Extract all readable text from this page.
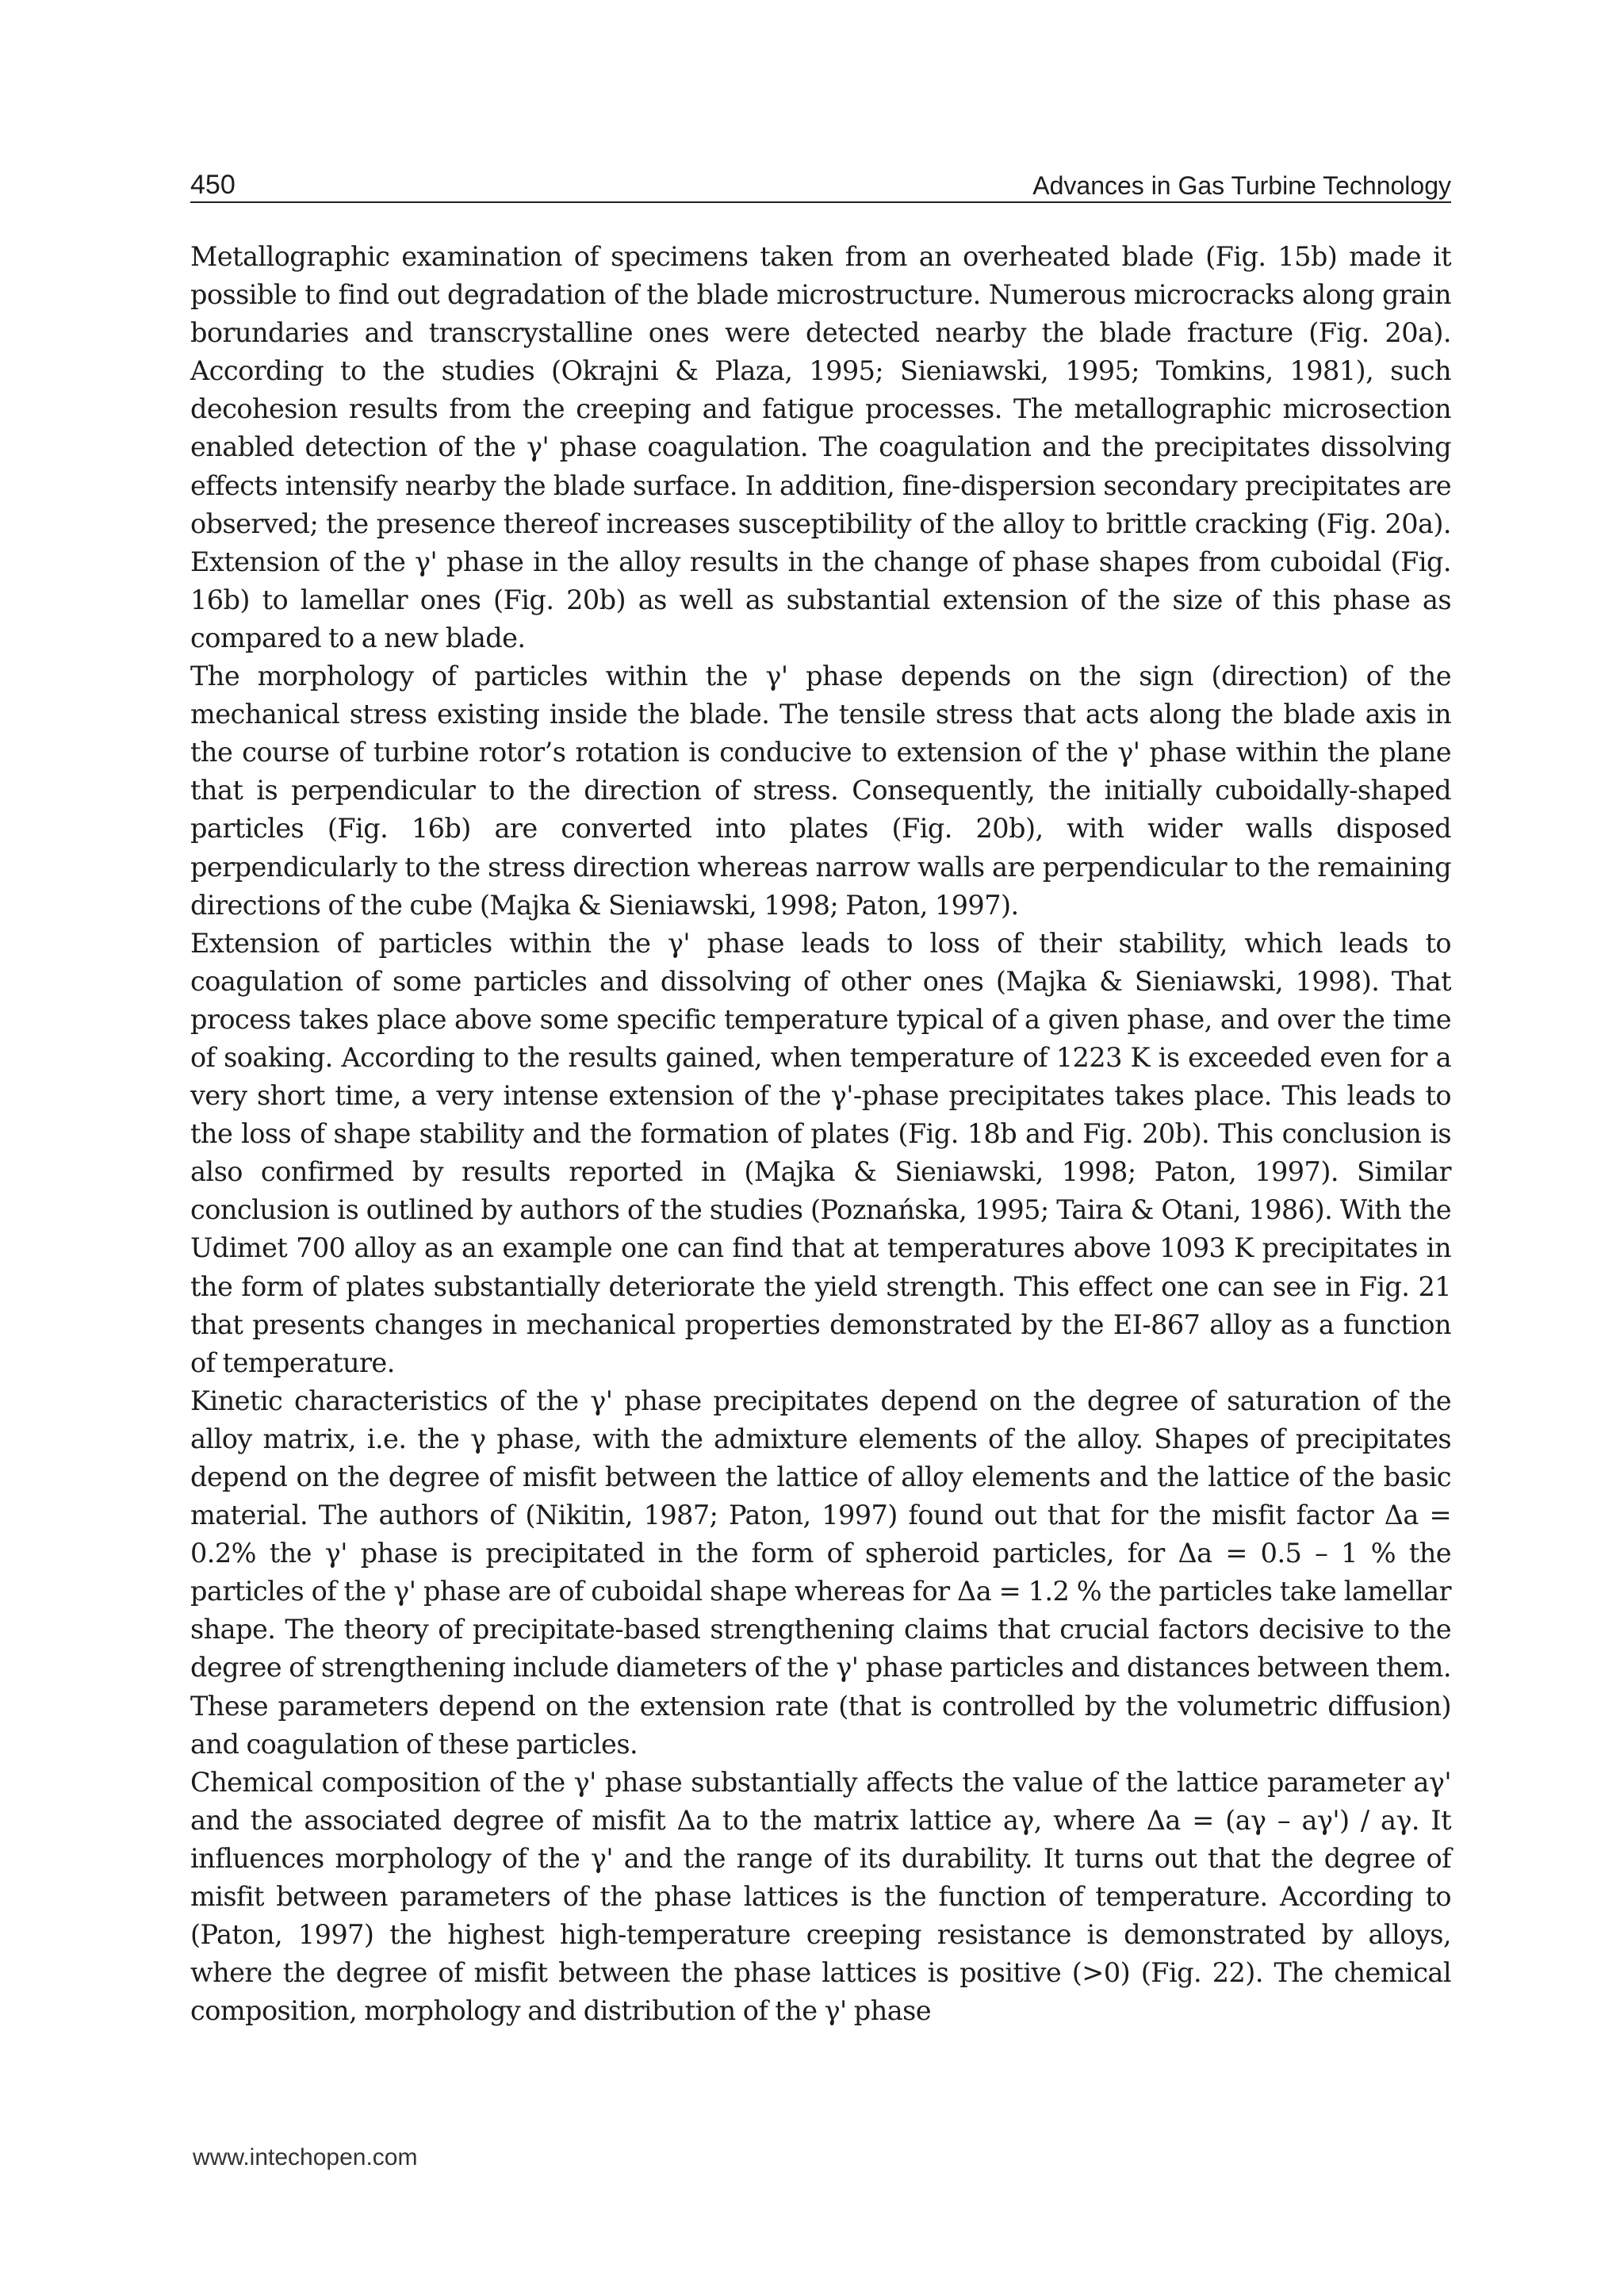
450	Advances in Gas Turbine Technology

Metallographic examination of specimens taken from an overheated blade (Fig. 15b) made it possible to find out degradation of the blade microstructure. Numerous microcracks along grain borundaries and transcrystalline ones were detected nearby the blade fracture (Fig. 20a). According to the studies (Okrajni & Plaza, 1995; Sieniawski, 1995; Tomkins, 1981), such decohesion results from the creeping and fatigue processes. The metallographic microsection enabled detection of the γ' phase coagulation. The coagulation and the precipitates dissolving effects intensify nearby the blade surface. In addition, fine-dispersion secondary precipitates are observed; the presence thereof increases susceptibility of the alloy to brittle cracking (Fig. 20a). Extension of the γ' phase in the alloy results in the change of phase shapes from cuboidal (Fig. 16b) to lamellar ones (Fig. 20b) as well as substantial extension of the size of this phase as compared to a new blade.

The morphology of particles within the γ' phase depends on the sign (direction) of the mechanical stress existing inside the blade. The tensile stress that acts along the blade axis in the course of turbine rotor’s rotation is conducive to extension of the γ' phase within the plane that is perpendicular to the direction of stress. Consequently, the initially cuboidally-shaped particles (Fig. 16b) are converted into plates (Fig. 20b), with wider walls disposed perpendicularly to the stress direction whereas narrow walls are perpendicular to the remaining directions of the cube (Majka & Sieniawski, 1998; Paton, 1997).

Extension of particles within the γ' phase leads to loss of their stability, which leads to coagulation of some particles and dissolving of other ones (Majka & Sieniawski, 1998). That process takes place above some specific temperature typical of a given phase, and over the time of soaking. According to the results gained, when temperature of 1223 K is exceeded even for a very short time, a very intense extension of the γ'-phase precipitates takes place. This leads to the loss of shape stability and the formation of plates (Fig. 18b and Fig. 20b). This conclusion is also confirmed by results reported in (Majka & Sieniawski, 1998; Paton, 1997). Similar conclusion is outlined by authors of the studies (Poznańska, 1995; Taira & Otani, 1986). With the Udimet 700 alloy as an example one can find that at temperatures above 1093 K precipitates in the form of plates substantially deteriorate the yield strength. This effect one can see in Fig. 21 that presents changes in mechanical properties demonstrated by the EI-867 alloy as a function of temperature.

Kinetic characteristics of the γ' phase precipitates depend on the degree of saturation of the alloy matrix, i.e. the γ phase, with the admixture elements of the alloy. Shapes of precipitates depend on the degree of misfit between the lattice of alloy elements and the lattice of the basic material. The authors of (Nikitin, 1987; Paton, 1997) found out that for the misfit factor Δa = 0.2% the γ' phase is precipitated in the form of spheroid particles, for Δa = 0.5 – 1 % the particles of the γ' phase are of cuboidal shape whereas for Δa = 1.2 % the particles take lamellar shape. The theory of precipitate-based strengthening claims that crucial factors decisive to the degree of strengthening include diameters of the γ' phase particles and distances between them. These parameters depend on the extension rate (that is controlled by the volumetric diffusion) and coagulation of these particles.

Chemical composition of the γ' phase substantially affects the value of the lattice parameter aγ' and the associated degree of misfit Δa to the matrix lattice aγ, where Δa = (aγ – aγ') / aγ. It influences morphology of the γ' and the range of its durability. It turns out that the degree of misfit between parameters of the phase lattices is the function of temperature. According to (Paton, 1997) the highest high-temperature creeping resistance is demonstrated by alloys, where the degree of misfit between the phase lattices is positive (>0) (Fig. 22). The chemical composition, morphology and distribution of the γ' phase

www.intechopen.com
